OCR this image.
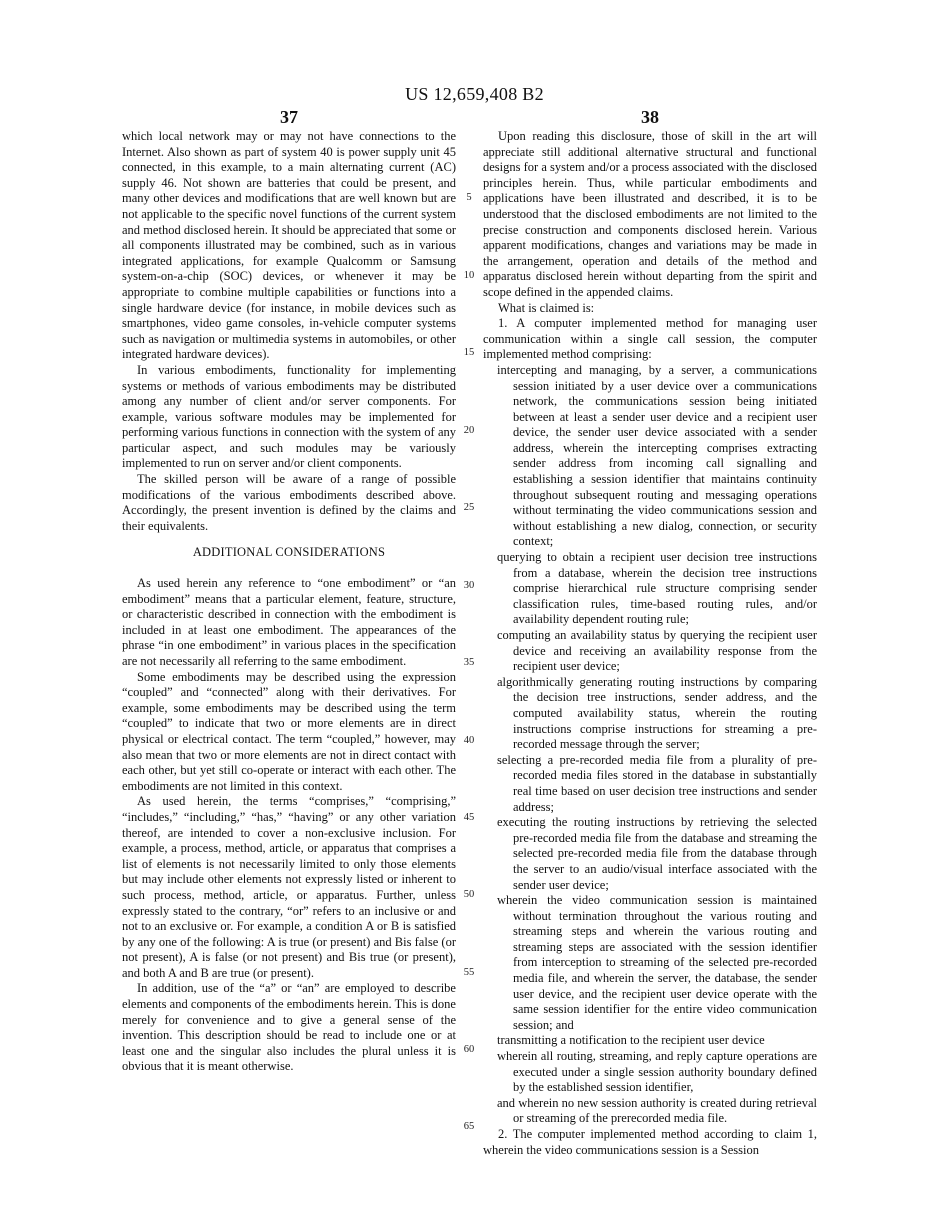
US 12,659,408 B2
37	38

which local network may or may not have connections to the Internet. Also shown as part of system 40 is power supply unit 45 connected, in this example, to a main alternating current (AC) supply 46. Not shown are batteries that could be present, and many other devices and modifications that are well known but are not applicable to the specific novel functions of the current system and method disclosed herein. It should be appreciated that some or all components illustrated may be combined, such as in various integrated applications, for example Qualcomm or Samsung system-on-a-chip (SOC) devices, or whenever it may be appropriate to combine multiple capabilities or functions into a single hardware device (for instance, in mobile devices such as smartphones, video game consoles, in-vehicle computer systems such as navigation or multimedia systems in automobiles, or other integrated hardware devices).

In various embodiments, functionality for implementing systems or methods of various embodiments may be distributed among any number of client and/or server components. For example, various software modules may be implemented for performing various functions in connection with the system of any particular aspect, and such modules may be variously implemented to run on server and/or client components.

The skilled person will be aware of a range of possible modifications of the various embodiments described above. Accordingly, the present invention is defined by the claims and their equivalents.

ADDITIONAL CONSIDERATIONS

As used herein any reference to “one embodiment” or “an embodiment” means that a particular element, feature, structure, or characteristic described in connection with the embodiment is included in at least one embodiment. The appearances of the phrase “in one embodiment” in various places in the specification are not necessarily all referring to the same embodiment.

Some embodiments may be described using the expression “coupled” and “connected” along with their derivatives. For example, some embodiments may be described using the term “coupled” to indicate that two or more elements are in direct physical or electrical contact. The term “coupled,” however, may also mean that two or more elements are not in direct contact with each other, but yet still co-operate or interact with each other. The embodiments are not limited in this context.

As used herein, the terms “comprises,” “comprising,” “includes,” “including,” “has,” “having” or any other variation thereof, are intended to cover a non-exclusive inclusion. For example, a process, method, article, or apparatus that comprises a list of elements is not necessarily limited to only those elements but may include other elements not expressly listed or inherent to such process, method, article, or apparatus. Further, unless expressly stated to the contrary, “or” refers to an inclusive or and not to an exclusive or. For example, a condition A or B is satisfied by any one of the following: A is true (or present) and Bis false (or not present), A is false (or not present) and Bis true (or present), and both A and B are true (or present).

In addition, use of the “a” or “an” are employed to describe elements and components of the embodiments herein. This is done merely for convenience and to give a general sense of the invention. This description should be read to include one or at least one and the singular also includes the plural unless it is obvious that it is meant otherwise.

Upon reading this disclosure, those of skill in the art will appreciate still additional alternative structural and functional designs for a system and/or a process associated with the disclosed principles herein. Thus, while particular embodiments and applications have been illustrated and described, it is to be understood that the disclosed embodiments are not limited to the precise construction and components disclosed herein. Various apparent modifications, changes and variations may be made in the arrangement, operation and details of the method and apparatus disclosed herein without departing from the spirit and scope defined in the appended claims.

What is claimed is:

1. A computer implemented method for managing user communication within a single call session, the computer implemented method comprising:

intercepting and managing, by a server, a communications session initiated by a user device over a communications network, the communications session being initiated between at least a sender user device and a recipient user device, the sender user device associated with a sender address, wherein the intercepting comprises extracting sender address from incoming call signalling and establishing a session identifier that maintains continuity throughout subsequent routing and messaging operations without terminating the video communications session and without establishing a new dialog, connection, or security context;

querying to obtain a recipient user decision tree instructions from a database, wherein the decision tree instructions comprise hierarchical rule structure comprising sender classification rules, time-based routing rules, and/or availability dependent routing rule;

computing an availability status by querying the recipient user device and receiving an availability response from the recipient user device;

algorithmically generating routing instructions by comparing the decision tree instructions, sender address, and the computed availability status, wherein the routing instructions comprise instructions for streaming a pre-recorded message through the server;

selecting a pre-recorded media file from a plurality of pre-recorded media files stored in the database in substantially real time based on user decision tree instructions and sender address;

executing the routing instructions by retrieving the selected pre-recorded media file from the database and streaming the selected pre-recorded media file from the database through the server to an audio/visual interface associated with the sender user device;

wherein the video communication session is maintained without termination throughout the various routing and streaming steps and wherein the various routing and streaming steps are associated with the session identifier from interception to streaming of the selected pre-recorded media file, and wherein the server, the database, the sender user device, and the recipient user device operate with the same session identifier for the entire video communication session; and

transmitting a notification to the recipient user device

wherein all routing, streaming, and reply capture operations are executed under a single session authority boundary defined by the established session identifier,

and wherein no new session authority is created during retrieval or streaming of the prerecorded media file.

2. The computer implemented method according to claim 1, wherein the video communications session is a Session

5
10
15
20
25
30
35
40
45
50
55
60
65
